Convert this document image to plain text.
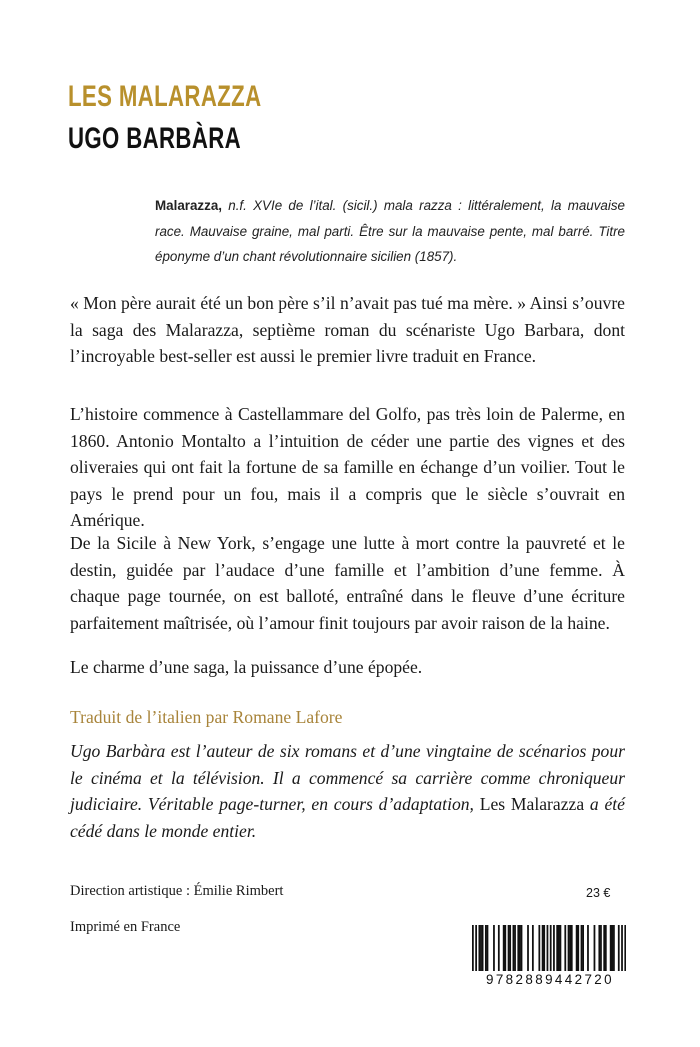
LES MALARAZZA
UGO BARBÀRA
Malarazza, n.f. XVIe de l’ital. (sicil.) mala razza : littéralement, la mauvaise race. Mauvaise graine, mal parti. Être sur la mauvaise pente, mal barré. Titre éponyme d’un chant révolutionnaire sicilien (1857).

« Mon père aurait été un bon père s’il n’avait pas tué ma mère. » Ainsi s’ouvre la saga des Malarazza, septième roman du scénariste Ugo Barbara, dont l’incroyable best-seller est aussi le premier livre traduit en France.

L’histoire commence à Castellammare del Golfo, pas très loin de Palerme, en 1860. Antonio Montalto a l’intuition de céder une partie des vignes et des oliveraies qui ont fait la fortune de sa famille en échange d’un voilier. Tout le pays le prend pour un fou, mais il a compris que le siècle s’ouvrait en Amérique.

De la Sicile à New York, s’engage une lutte à mort contre la pauvreté et le destin, guidée par l’audace d’une famille et l’ambition d’une femme. À chaque page tournée, on est balloté, entraîné dans le fleuve d’une écriture parfaitement maîtrisée, où l’amour finit toujours par avoir raison de la haine.

Le charme d’une saga, la puissance d’une épopée.

Traduit de l’italien par Romane Lafore

Ugo Barbàra est l’auteur de six romans et d’une vingtaine de scénarios pour le cinéma et la télévision. Il a commencé sa carrière comme chroniqueur judiciaire. Véritable page-turner, en cours d’adaptation, Les Malarazza a été cédé dans le monde entier.

Direction artistique : Émilie Rimbert
Imprimé en France
23 €
9782889442720
